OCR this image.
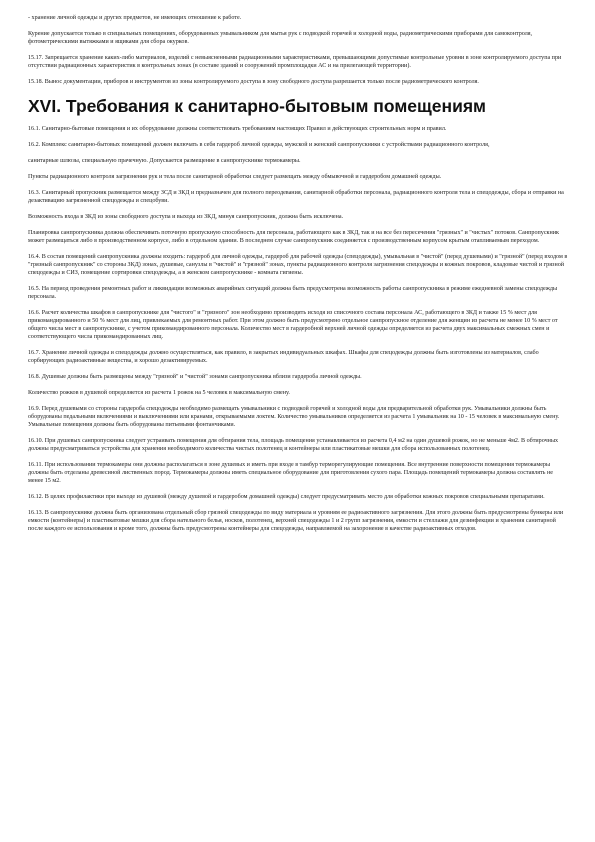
- хранение личной одежды и других предметов, не имеющих отношение к работе.

Курение допускается только в специальных помещениях, оборудованных умывальником для мытья рук с подводкой горячей и холодной воды, радиометрическими приборами для самоконтроля, фотометрическими вытяжками и ящиками для сбора окурков.

15.17. Запрещается хранение каких-либо материалов, изделий с невыясненными радиационными характеристиками, превышающими допустимые контрольные уровни в зоне контролируемого доступа при отсутствии радиационных характеристик в контрольных зонах (в составе зданий и сооружений промплощадки АС и на прилегающей территории).

15.18. Вынос документации, приборов и инструментов из зоны контролируемого доступа в зону свободного доступа разрешается только после радиометрического контроля.

XVI. Требования к санитарно-бытовым помещениям

16.1. Санитарно-бытовые помещения и их оборудование должны соответствовать требованиям настоящих Правил и действующих строительных норм и правил.

16.2. Комплекс санитарно-бытовых помещений должен включать в себя гардероб личной одежды, мужской и женский санпропускники с устройствами радиационного контроля,

санитарные шлюзы, специальную прачечную. Допускается размещение в санпропускнике термокамеры.

Пункты радиационного контроля загрязнения рук и тела после санитарной обработки следует размещать между обмывочной и гардеробом домашней одежды.

16.3. Санитарный пропускник размещается между ЗСД и ЗКД и предназначен для полного переодевания, санитарной обработки персонала, радиационного контроля тела и спецодежды, сбора и отправки на дезактивацию загрязненной спецодежды и спецобуви.

Возможность входа в ЗКД из зоны свободного доступа и выхода из ЗКД, минуя санпропускник, должна быть исключена.

Планировка санпропускника должна обеспечивать поточную пропускную способность для персонала, работающего как в ЗКД, так и на все без пересечения "грязных" и "чистых" потоков. Санпропускник может размещаться либо в производственном корпусе, либо в отдельном здании. В последнем случае санпропускник соединяется с производственным корпусом крытым отапливаемым переходом.

16.4. В состав помещений санпропускника должны входить: гардероб для личной одежды, гардероб для рабочей одежды (спецодежды), умывальная в "чистой" (перед душевыми) и "грязной" (перед входом в "грязный санпропускник" со стороны ЗКД) зонах, душевые, санузлы в "чистой" и "грязной" зонах, пункты радиационного контроля загрязнения спецодежды и кожных покровов, кладовые чистой и грязной спецодежды и СИЗ, помещение сортировки спецодежды, а в женском санпропускнике - комната гигиены.

16.5. На период проведения ремонтных работ и ликвидации возможных аварийных ситуаций должна быть предусмотрена возможность работы санпропускника в режиме ежедневной замены спецодежды персонала.

16.6. Расчет количества шкафов в санпропускнике для "чистого" и "грязного" зон необходимо производить исходя из списочного состава персонала АС, работающего в ЗКД и также 15 % мест для прикомандированного и 50 % мест для лиц, привлекаемых для ремонтных работ. При этом должно быть предусмотрено отдельное санпропускное отделение для женщин из расчета не менее 10 % мест от общего числа мест в санпропускнике, с учетом прикомандированного персонала. Количество мест в гардеробной верхней личной одежды определяется из расчета двух максимальных смежных смен и соответствующего числа прикомандированных лиц.

16.7. Хранение личной одежды и спецодежды должно осуществляться, как правило, в закрытых индивидуальных шкафах. Шкафы для спецодежды должны быть изготовлены из материалов, слабо сорбирующих радиоактивные вещества, и хорошо дезактивируемых.

16.8. Душевые должны быть размещены между "грязной" и "чистой" зонами санпропускника вблизи гардероба личной одежды.

Количество рожков в душевой определяется из расчета 1 рожок на 5 человек в максимальную смену.

16.9. Перед душевыми со стороны гардероба спецодежды необходимо размещать умывальники с подводкой горячей и холодной воды для предварительной обработки рук. Умывальники должны быть оборудованы педальными включениями и выключениями или кранами, открываемыми локтем. Количество умывальников определяется из расчета 1 умывальник на 10 - 15 человек в максимальную смену. Умывальные помещения должны быть оборудованы питьевыми фонтанчиками.

16.10. При душевых санпропускника следует устраивать помещения для обтирания тела, площадь помещения устанавливается из расчета 0,4 м2 на один душевой рожок, но не меньше 4м2. В обтирочных должны предусматриваться устройства для хранения необходимого количества чистых полотенец и контейнеры или пластикатовые мешки для сбора использованных полотенец.

16.11. При использовании термокамеры они должны располагаться в зоне душевых и иметь при входе в тамбур терморегулирующие помещения. Все внутренние поверхности помещения термокамеры должны быть отделаны древесиной лиственных пород. Термокамеры должны иметь специальное оборудование для приготовления сухого пара. Площадь помещений термокамеры должна составлять не менее 15 м2.

16.12. В целях профилактики при выходе из душевой (между душевой и гардеробом домашней одежды) следует предусматривать место для обработки кожных покровов специальными препаратами.

16.13. В санпропускнике должна быть организована отдельный сбор грязной спецодежды по виду материала и уровням ее радиоактивного загрязнения. Для этого должны быть предусмотрены бункеры или емкости (контейнеры) и пластикатовые мешки для сбора нательного белья, носков, полотенец, верхней спецодежды 1 и 2 групп загрязнения, емкости и стеллажи для дезинфекции и хранения санитарной после каждого ее использования и кроме того, должны быть предусмотрены контейнеры для спецодежды, направляемой на захоронение в качестве радиоактивных отходов.
